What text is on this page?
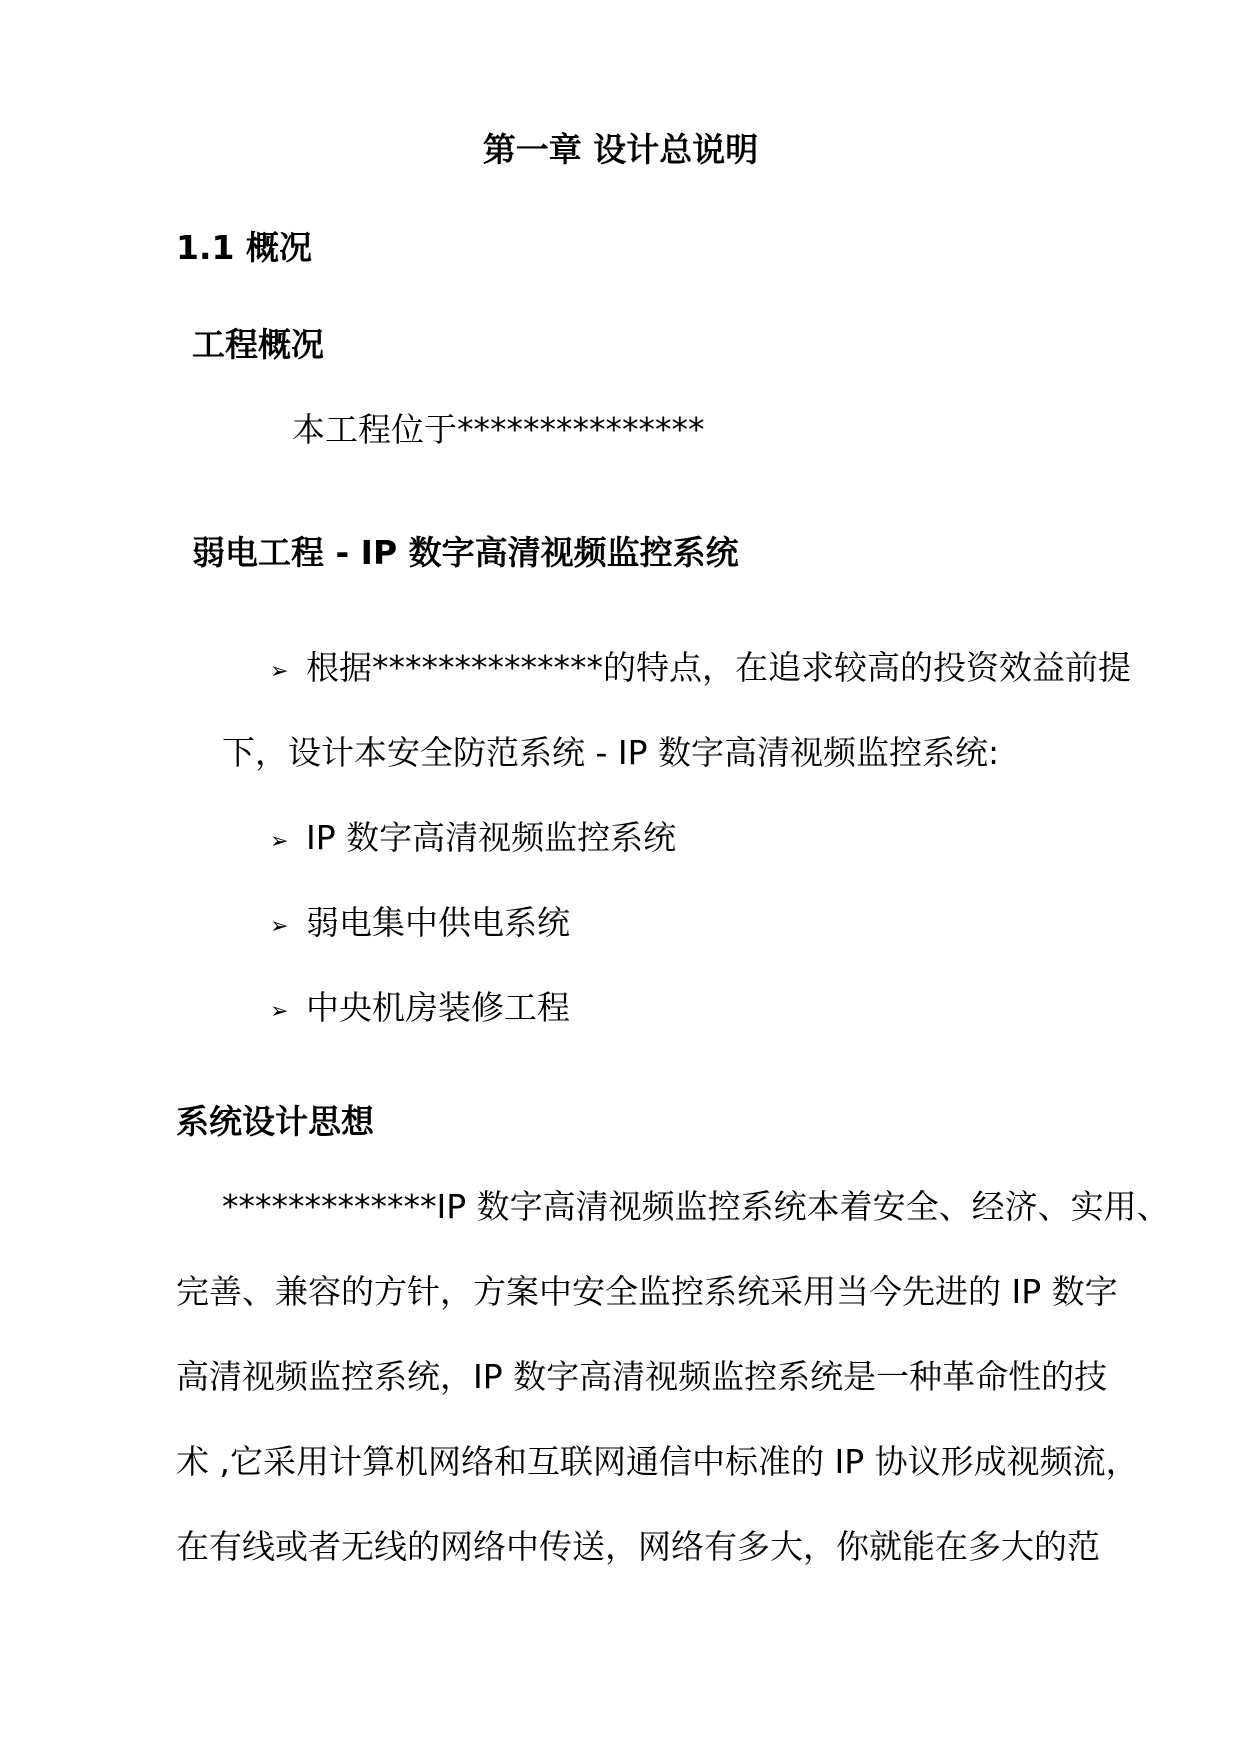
第一章 设计总说明
1.1 概况
工程概况
本工程位于***************
弱电工程 - IP 数字高清视频监控系统
➢ 根据**************的特点，在追求较高的投资效益前提
下，设计本安全防范系统 - IP 数字高清视频监控系统:
➢ IP 数字高清视频监控系统
➢ 弱电集中供电系统
➢ 中央机房装修工程
系统设计思想
*************IP 数字高清视频监控系统本着安全、经济、实用、
完善、兼容的方针，方案中安全监控系统采用当今先进的 IP 数字
高清视频监控系统，IP 数字高清视频监控系统是一种革命性的技
术 ,它采用计算机网络和互联网通信中标准的 IP 协议形成视频流，
在有线或者无线的网络中传送，网络有多大，你就能在多大的范
